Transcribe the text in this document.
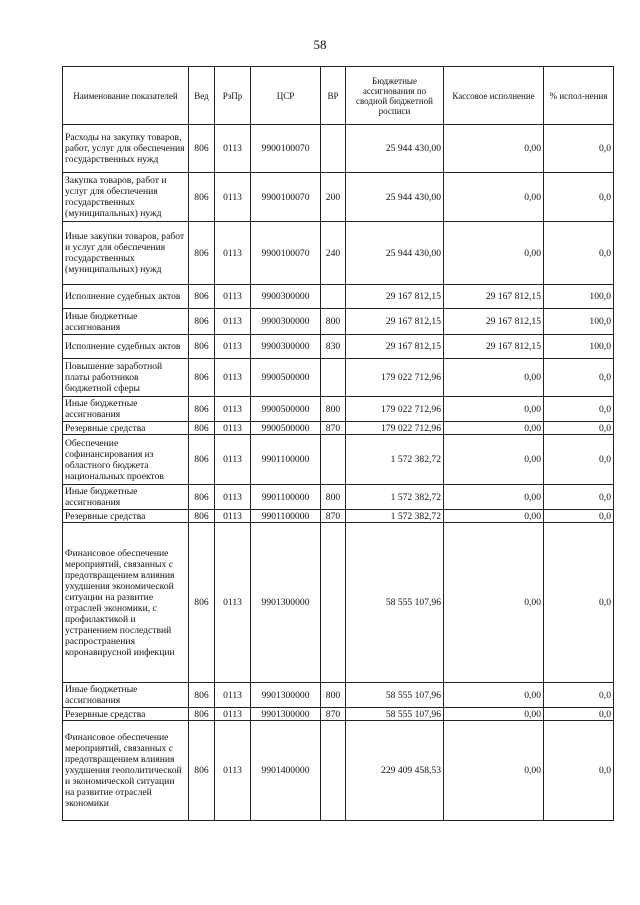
58
Наименование показателей	Вед	РзПр	ЦСР	ВР	Бюджетные ассигнования по сводной бюджетной росписи	Кассовое исполнение	% испол-нения
Расходы на закупку товаров, работ, услуг для обеспечения государственных нужд	806	0113	9900100070		25 944 430,00	0,00	0,0
Закупка товаров, работ и услуг для обеспечения государственных (муниципальных) нужд	806	0113	9900100070	200	25 944 430,00	0,00	0,0
Иные закупки товаров, работ и услуг для обеспечения государственных (муниципальных) нужд	806	0113	9900100070	240	25 944 430,00	0,00	0,0
Исполнение судебных актов	806	0113	9900300000		29 167 812,15	29 167 812,15	100,0
Иные бюджетные ассигнования	806	0113	9900300000	800	29 167 812,15	29 167 812,15	100,0
Исполнение судебных актов	806	0113	9900300000	830	29 167 812,15	29 167 812,15	100,0
Повышение заработной платы работников бюджетной сферы	806	0113	9900500000		179 022 712,96	0,00	0,0
Иные бюджетные ассигнования	806	0113	9900500000	800	179 022 712,96	0,00	0,0
Резервные средства	806	0113	9900500000	870	179 022 712,96	0,00	0,0
Обеспечение софинансирования из областного бюджета национальных проектов	806	0113	9901100000		1 572 382,72	0,00	0,0
Иные бюджетные ассигнования	806	0113	9901100000	800	1 572 382,72	0,00	0,0
Резервные средства	806	0113	9901100000	870	1 572 382,72	0,00	0,0
Финансовое обеспечение мероприятий, связанных с предотвращением влияния ухудшения экономической ситуации на развитие отраслей экономики, с профилактикой и устранением последствий распространения коронавирусной инфекции	806	0113	9901300000		58 555 107,96	0,00	0,0
Иные бюджетные ассигнования	806	0113	9901300000	800	58 555 107,96	0,00	0,0
Резервные средства	806	0113	9901300000	870	58 555 107,96	0,00	0,0
Финансовое обеспечение мероприятий, связанных с предотвращением влияния ухудшения геополитической и экономической ситуации на развитие отраслей экономики	806	0113	9901400000		229 409 458,53	0,00	0,0
